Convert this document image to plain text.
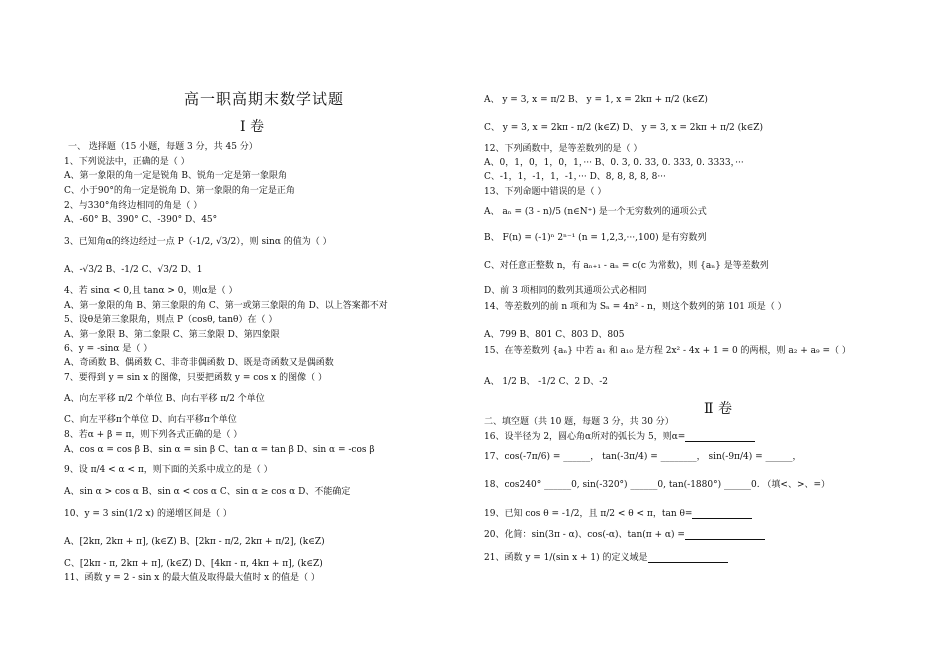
高一职高期末数学试题
Ⅰ 卷
一、 选择题（15 小题，每题 3 分，共 45 分）
1、下列说法中，正确的是（ ）
A、第一象限的角一定是锐角 B、锐角一定是第一象限角
C、小于90°的角一定是锐角 D、第一象限的角一定是正角
2、与330°角终边相同的角是（ ）
A、-60° B、390° C、-390° D、45°
3、已知角α的终边经过一点 P（-1/2, √3/2），则 sinα 的值为（ ）
A、-√3/2 B、-1/2 C、√3/2 D、1
4、若 sinα < 0,且 tanα > 0，则α是（ ）
A、第一象限的角 B、第三象限的角 C、第一或第三象限的角 D、以上答案都不对
5、设θ是第三象限角，则点 P（cosθ, tanθ）在（ ）
A、第一象限 B、第二象限 C、第三象限 D、第四象限
6、y = -sinα 是（ ）
A、奇函数 B、偶函数 C、非奇非偶函数 D、既是奇函数又是偶函数
7、要得到 y = sin x 的图像，只要把函数 y = cos x 的图像（ ）
A、向左平移 π/2 个单位 B、向右平移 π/2 个单位
C、向左平移π个单位 D、向右平移π个单位
8、若α + β = π，则下列各式正确的是（ ）
A、cos α = cos β B、sin α = sin β C、tan α = tan β D、sin α = -cos β
9、设 π/4 < α < π，则下面的关系中成立的是（ ）
A、sin α > cos α B、sin α < cos α C、sin α ≥ cos α D、不能确定
10、y = 3 sin(1/2 x) 的递增区间是（ ）
A、[2kπ, 2kπ + π], (k∈Z) B、[2kπ - π/2, 2kπ + π/2], (k∈Z)
C、[2kπ - π, 2kπ + π], (k∈Z) D、[4kπ - π, 4kπ + π], (k∈Z)
11、函数 y = 2 - sin x 的最大值及取得最大值时 x 的值是（ ）
A、 y = 3, x = π/2 B、 y = 1, x = 2kπ + π/2 (k∈Z)
C、 y = 3, x = 2kπ - π/2 (k∈Z) D、 y = 3, x = 2kπ + π/2 (k∈Z)
12、下列函数中，是等差数列的是（ ）
A、0，1，0，1，0，1，··· B、0. 3, 0. 33, 0. 333, 0. 3333，···
C、-1，1，-1，1，-1，··· D、8, 8, 8, 8, 8···
13、下列命题中错误的是（ ）
A、 aₙ = (3 - n)/5 (n∈N⁺) 是一个无穷数列的通项公式
B、 F(n) = (-1)ⁿ 2ⁿ⁻¹ (n = 1,2,3,···,100) 是有穷数列
C、对任意正整数 n，有 aₙ₊₁ - aₙ = c(c 为常数)，则 {aₙ} 是等差数列
D、前 3 项相同的数列其通项公式必相同
14、等差数列的前 n 项和为 Sₙ = 4n² - n，则这个数列的第 101 项是（ ）
A、799 B、801 C、803 D、805
15、在等差数列 {aₙ} 中若 a₁ 和 a₁₀ 是方程 2x² - 4x + 1 = 0 的两根，则 a₂ + a₉ =（ ）
A、 1/2 B、 -1/2 C、2 D、-2
Ⅱ 卷
二、填空题（共 10 题，每题 3 分，共 30 分）
16、设半径为 2，圆心角α所对的弧长为 5，则α=
17、cos(-7π/6) = ______， tan(-3π/4) = ________， sin(-9π/4) = ______，
18、cos240° ______0, sin(-320°) ______0, tan(-1880°) ______0. （填<、>、=）
19、已知 cos θ = -1/2，且 π/2 < θ < π，tan θ=
20、化简：sin(3π - α)、cos(-α)、tan(π + α) =
21、函数 y = 1/(sin x + 1) 的定义域是
